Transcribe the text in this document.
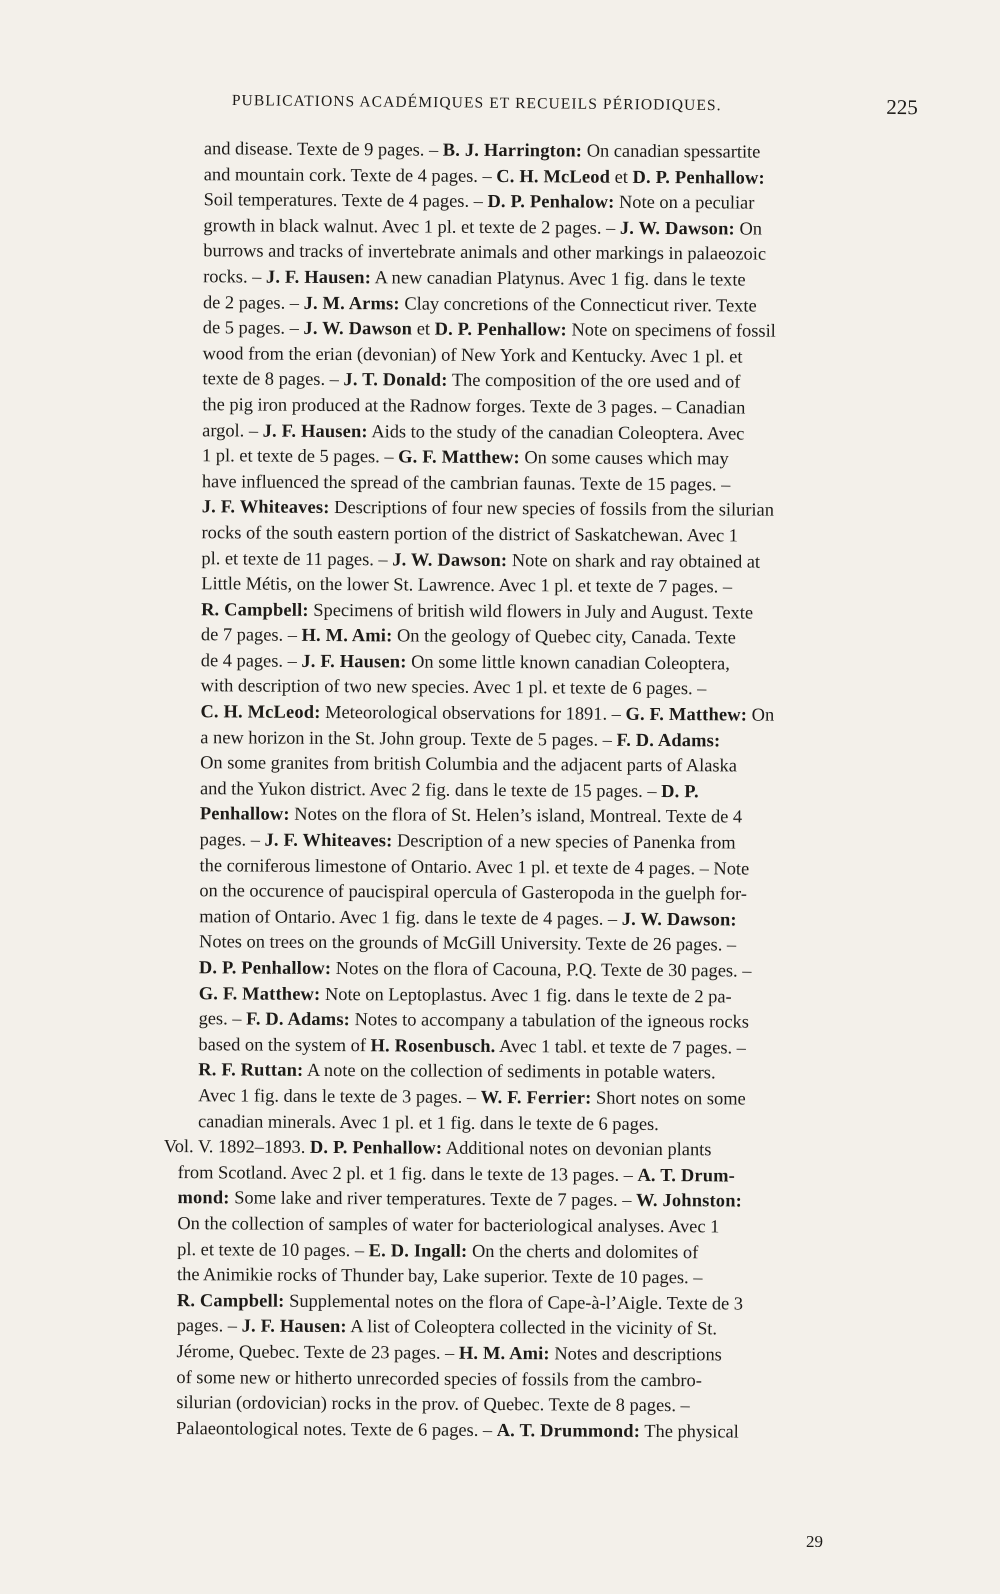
PUBLICATIONS ACADÉMIQUES ET RECUEILS PÉRIODIQUES.	225
and disease. Texte de 9 pages. – B. J. Harrington: On canadian spessartite
and mountain cork. Texte de 4 pages. – C. H. McLeod et D. P. Penhallow:
Soil temperatures. Texte de 4 pages. – D. P. Penhalow: Note on a peculiar
growth in black walnut. Avec 1 pl. et texte de 2 pages. – J. W. Dawson: On
burrows and tracks of invertebrate animals and other markings in palaeozoic
rocks. – J. F. Hausen: A new canadian Platynus. Avec 1 fig. dans le texte
de 2 pages. – J. M. Arms: Clay concretions of the Connecticut river. Texte
de 5 pages. – J. W. Dawson et D. P. Penhallow: Note on specimens of fossil
wood from the erian (devonian) of New York and Kentucky. Avec 1 pl. et
texte de 8 pages. – J. T. Donald: The composition of the ore used and of
the pig iron produced at the Radnow forges. Texte de 3 pages. – Canadian
argol. – J. F. Hausen: Aids to the study of the canadian Coleoptera. Avec
1 pl. et texte de 5 pages. – G. F. Matthew: On some causes which may
have influenced the spread of the cambrian faunas. Texte de 15 pages. –
J. F. Whiteaves: Descriptions of four new species of fossils from the silurian
rocks of the south eastern portion of the district of Saskatchewan. Avec 1
pl. et texte de 11 pages. – J. W. Dawson: Note on shark and ray obtained at
Little Métis, on the lower St. Lawrence. Avec 1 pl. et texte de 7 pages. –
R. Campbell: Specimens of british wild flowers in July and August. Texte
de 7 pages. – H. M. Ami: On the geology of Quebec city, Canada. Texte
de 4 pages. – J. F. Hausen: On some little known canadian Coleoptera,
with description of two new species. Avec 1 pl. et texte de 6 pages. –
C. H. McLeod: Meteorological observations for 1891. – G. F. Matthew: On
a new horizon in the St. John group. Texte de 5 pages. – F. D. Adams:
On some granites from british Columbia and the adjacent parts of Alaska
and the Yukon district. Avec 2 fig. dans le texte de 15 pages. – D. P.
Penhallow: Notes on the flora of St. Helen’s island, Montreal. Texte de 4
pages. – J. F. Whiteaves: Description of a new species of Panenka from
the corniferous limestone of Ontario. Avec 1 pl. et texte de 4 pages. – Note
on the occurence of paucispiral opercula of Gasteropoda in the guelph for-
mation of Ontario. Avec 1 fig. dans le texte de 4 pages. – J. W. Dawson:
Notes on trees on the grounds of McGill University. Texte de 26 pages. –
D. P. Penhallow: Notes on the flora of Cacouna, P.Q. Texte de 30 pages. –
G. F. Matthew: Note on Leptoplastus. Avec 1 fig. dans le texte de 2 pa-
ges. – F. D. Adams: Notes to accompany a tabulation of the igneous rocks
based on the system of H. Rosenbusch. Avec 1 tabl. et texte de 7 pages. –
R. F. Ruttan: A note on the collection of sediments in potable waters.
Avec 1 fig. dans le texte de 3 pages. – W. F. Ferrier: Short notes on some
canadian minerals. Avec 1 pl. et 1 fig. dans le texte de 6 pages.
Vol. V. 1892–1893. D. P. Penhallow: Additional notes on devonian plants
from Scotland. Avec 2 pl. et 1 fig. dans le texte de 13 pages. – A. T. Drum-
mond: Some lake and river temperatures. Texte de 7 pages. – W. Johnston:
On the collection of samples of water for bacteriological analyses. Avec 1
pl. et texte de 10 pages. – E. D. Ingall: On the cherts and dolomites of
the Animikie rocks of Thunder bay, Lake superior. Texte de 10 pages. –
R. Campbell: Supplemental notes on the flora of Cape-à-l’Aigle. Texte de 3
pages. – J. F. Hausen: A list of Coleoptera collected in the vicinity of St.
Jérome, Quebec. Texte de 23 pages. – H. M. Ami: Notes and descriptions
of some new or hitherto unrecorded species of fossils from the cambro-
silurian (ordovician) rocks in the prov. of Quebec. Texte de 8 pages. –
Palaeontological notes. Texte de 6 pages. – A. T. Drummond: The physical
29
